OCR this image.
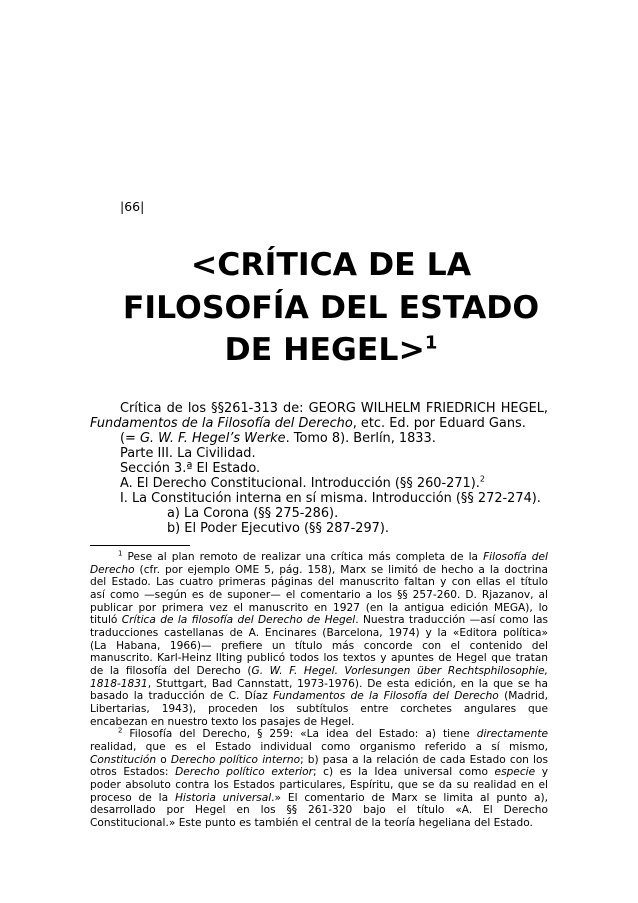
|66|
<CRÍTICA DE LA
FILOSOFÍA DEL ESTADO
DE HEGEL>$^1$
Crítica de los §§261-313 de: GEORG WILHELM FRIEDRICH HEGEL,
Fundamentos de la Filosofía del Derecho, etc. Ed. por Eduard Gans.
(= G. W. F. Hegel’s Werke. Tomo 8). Berlín, 1833.
Parte III. La Civilidad.
Sección 3.ª El Estado.
A. El Derecho Constitucional. Introducción (§§ 260-271).$^2$
I. La Constitución interna en sí misma. Introducción (§§ 272-274).
a) La Corona (§§ 275-286).
b) El Poder Ejecutivo (§§ 287-297).
$^1$ Pese al plan remoto de realizar una crítica más completa de la Filosofía del
Derecho (cfr. por ejemplo OME 5, pág. 158), Marx se limitó de hecho a la doctrina
del Estado. Las cuatro primeras páginas del manuscrito faltan y con ellas el título
así como —según es de suponer— el comentario a los §§ 257-260. D. Rjazanov, al
publicar por primera vez el manuscrito en 1927 (en la antigua edición MEGA), lo
tituló Crítica de la filosofía del Derecho de Hegel. Nuestra traducción —así como las
traducciones castellanas de A. Encinares (Barcelona, 1974) y la «Editora política»
(La Habana, 1966)— prefiere un título más concorde con el contenido del
manuscrito. Karl-Heinz Ilting publicó todos los textos y apuntes de Hegel que tratan
de la filosofía del Derecho (G. W. F. Hegel. Vorlesungen über Rechtsphilosophie,
1818-1831, Stuttgart, Bad Cannstatt, 1973-1976). De esta edición, en la que se ha
basado la traducción de C. Díaz Fundamentos de la Filosofía del Derecho (Madrid,
Libertarias, 1943), proceden los subtítulos entre corchetes angulares que
encabezan en nuestro texto los pasajes de Hegel.
$^2$ Filosofía del Derecho, § 259: «La idea del Estado: a) tiene directamente
realidad, que es el Estado individual como organismo referido a sí mismo,
Constitución o Derecho político interno; b) pasa a la relación de cada Estado con los
otros Estados: Derecho político exterior; c) es la Idea universal como especie y
poder absoluto contra los Estados particulares, Espíritu, que se da su realidad en el
proceso de la Historia universal.» El comentario de Marx se limita al punto a),
desarrollado por Hegel en los §§ 261-320 bajo el título «A. El Derecho
Constitucional.» Este punto es también el central de la teoría hegeliana del Estado.
